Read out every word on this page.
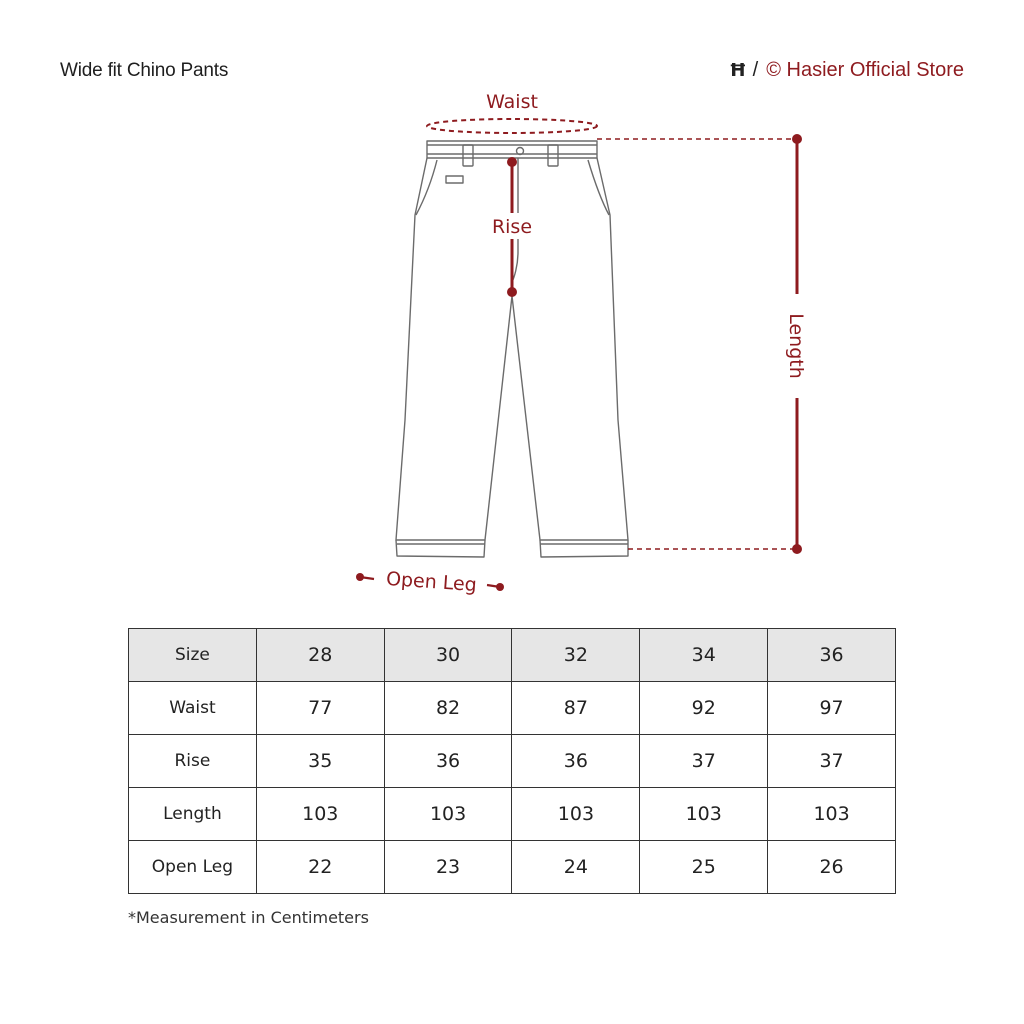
Wide fit Chino Pants	Ħ / © Hasier Official Store
Waist
Rise
Length
Open Leg
Size	28	30	32	34	36
Waist	77	82	87	92	97
Rise	35	36	36	37	37
Length	103	103	103	103	103
Open Leg	22	23	24	25	26
*Measurement in Centimeters
